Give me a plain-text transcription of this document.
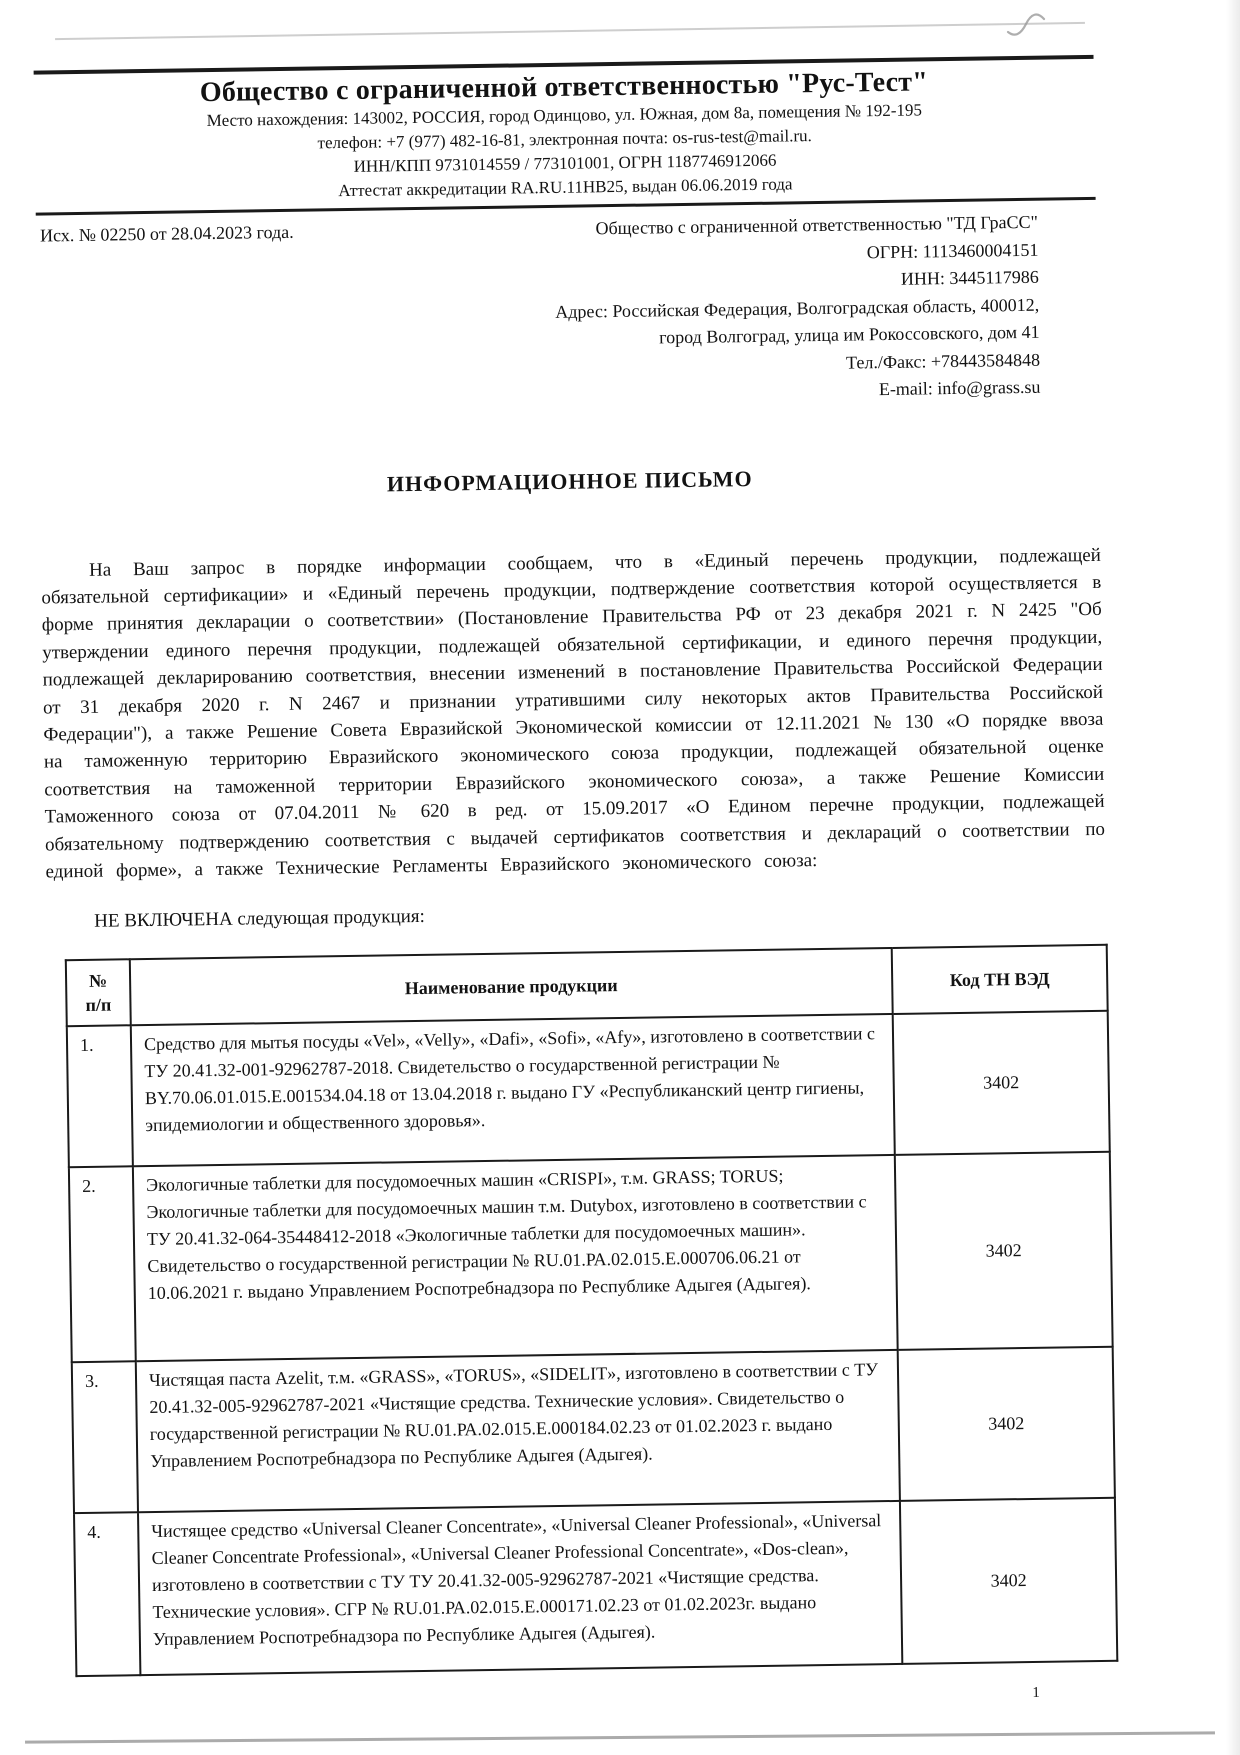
Общество с ограниченной ответственностью "Рус-Тест"
Место нахождения: 143002, РОССИЯ, город Одинцово, ул. Южная, дом 8а, помещения № 192-195
телефон: +7 (977) 482-16-81, электронная почта: os-rus-test@mail.ru.
ИНН/КПП 9731014559 / 773101001, ОГРН 1187746912066
Аттестат аккредитации RA.RU.11НВ25, выдан 06.06.2019 года
Исх. № 02250 от 28.04.2023 года.	Общество с ограниченной ответственностью "ТД ГраСС"
ОГРН: 1113460004151
ИНН: 3445117986
Адрес: Российская Федерация, Волгоградская область, 400012,
город Волгоград, улица им Рокоссовского, дом 41
Тел./Факс: +78443584848
E-mail: info@grass.su
ИНФОРМАЦИОННОЕ ПИСЬМО

На Ваш запрос в порядке информации сообщаем, что в «Единый перечень продукции, подлежащей обязательной сертификации» и «Единый перечень продукции, подтверждение соответствия которой осуществляется в форме принятия декларации о соответствии» (Постановление Правительства РФ от 23 декабря 2021 г. N 2425 "Об утверждении единого перечня продукции, подлежащей обязательной сертификации, и единого перечня продукции, подлежащей декларированию соответствия, внесении изменений в постановление Правительства Российской Федерации от 31 декабря 2020 г. N 2467 и признании утратившими силу некоторых актов Правительства Российской Федерации"), а также Решение Совета Евразийской Экономической комиссии от 12.11.2021 № 130 «О порядке ввоза на таможенную территорию Евразийского экономического союза продукции, подлежащей обязательной оценке соответствия на таможенной территории Евразийского экономического союза», а также Решение Комиссии Таможенного союза от 07.04.2011 № 620 в ред. от 15.09.2017 «О Едином перечне продукции, подлежащей обязательному подтверждению соответствия с выдачей сертификатов соответствия и деклараций о соответствии по единой форме», а также Технические Регламенты Евразийского экономического союза:

НЕ ВКЛЮЧЕНА следующая продукция:

№
п/п	Наименование продукции	Код ТН ВЭД
1.	Средство для мытья посуды «Vel», «Velly», «Dafi», «Sofi», «Afy», изготовлено в соответствии с ТУ 20.41.32-001-92962787-2018. Свидетельство о государственной регистрации № BY.70.06.01.015.Е.001534.04.18 от 13.04.2018 г. выдано ГУ «Республиканский центр гигиены, эпидемиологии и общественного здоровья».	3402
2.	Экологичные таблетки для посудомоечных машин «CRISPI», т.м. GRASS; TORUS; Экологичные таблетки для посудомоечных машин т.м. Dutybox, изготовлено в соответствии с ТУ 20.41.32-064-35448412-2018 «Экологичные таблетки для посудомоечных машин». Свидетельство о государственной регистрации № RU.01.РА.02.015.Е.000706.06.21 от 10.06.2021 г. выдано Управлением Роспотребнадзора по Республике Адыгея (Адыгея).	3402
3.	Чистящая паста Azelit, т.м. «GRASS», «TORUS», «SIDELIT», изготовлено в соответствии с ТУ 20.41.32-005-92962787-2021 «Чистящие средства. Технические условия». Свидетельство о государственной регистрации № RU.01.РА.02.015.Е.000184.02.23 от 01.02.2023 г. выдано Управлением Роспотребнадзора по Республике Адыгея (Адыгея).	3402
4.	Чистящее средство «Universal Cleaner Concentrate», «Universal Cleaner Professional», «Universal Cleaner Concentrate Professional», «Universal Cleaner Professional Concentrate», «Dos-clean», изготовлено в соответствии с ТУ ТУ 20.41.32-005-92962787-2021 «Чистящие средства. Технические условия». СГР № RU.01.РА.02.015.Е.000171.02.23 от 01.02.2023г. выдано Управлением Роспотребнадзора по Республике Адыгея (Адыгея).	3402
1
